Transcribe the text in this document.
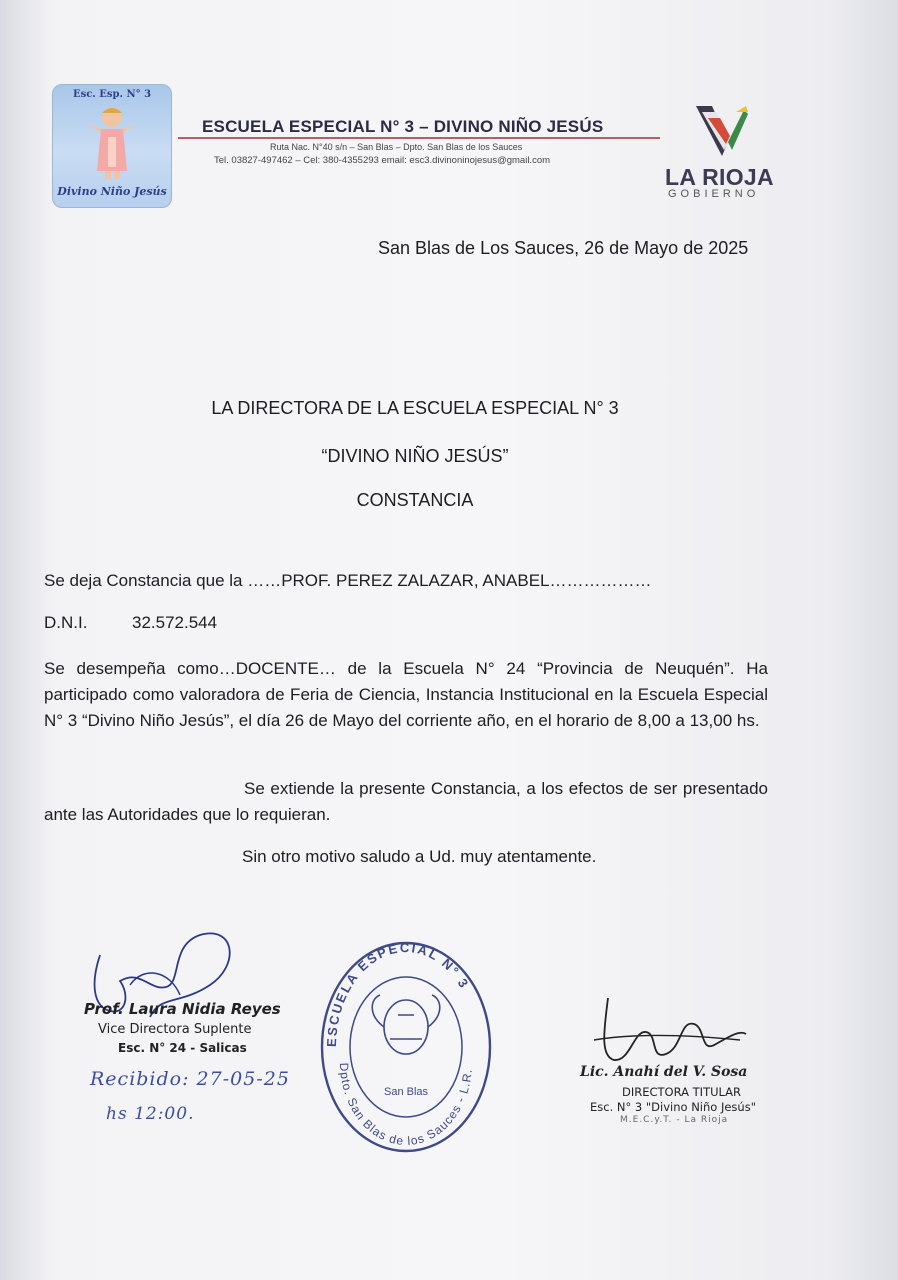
Esc. Esp. N° 3
Divino Niño Jesús
ESCUELA ESPECIAL N° 3 – DIVINO NIÑO JESÚS
Ruta Nac. N°40 s/n – San Blas – Dpto. San Blas de los Sauces
Tel. 03827-497462 – Cel: 380-4355293 email: esc3.divinoninojesus@gmail.com
LA RIOJA
GOBIERNO
San Blas de Los Sauces, 26 de Mayo de 2025
LA DIRECTORA DE LA ESCUELA ESPECIAL N° 3
“DIVINO NIÑO JESÚS”
CONSTANCIA
Se deja Constancia que la ……PROF. PEREZ ZALAZAR, ANABEL………………
D.N.I.	32.572.544
Se desempeña como…DOCENTE… de la Escuela N° 24 “Provincia de Neuquén”. Ha participado como valoradora de Feria de Ciencia, Instancia Institucional en la Escuela Especial N° 3 “Divino Niño Jesús”, el día 26 de Mayo del corriente año, en el horario de 8,00 a 13,00 hs.
Se extiende la presente Constancia, a los efectos de ser presentado ante las Autoridades que lo requieran.
Sin otro motivo saludo a Ud. muy atentamente.
Prof. Laura Nidia Reyes
Vice Directora Suplente
Esc. N° 24 - Salicas
Recibido: 27-05-25
hs 12:00.
ESCUELA ESPECIAL N° 3
Dpto. San Blas de los Sauces - L.R.
San Blas
Lic. Anahí del V. Sosa
DIRECTORA TITULAR
Esc. N° 3 "Divino Niño Jesús"
M.E.C.y.T. - La Rioja
